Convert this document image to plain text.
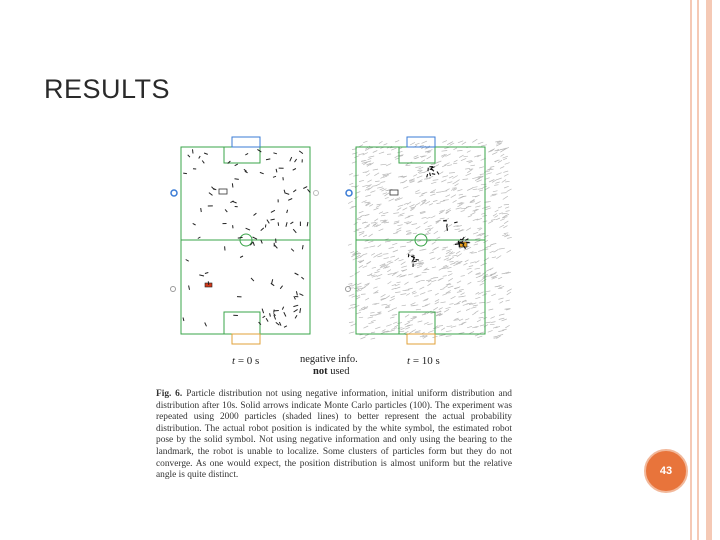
RESULTS
t = 0 s	negative info.
not used
t = 10 s
Fig. 6. Particle distribution not using negative information, initial uniform distribution and distribution after 10s. Solid arrows indicate Monte Carlo particles (100). The experiment was repeated using 2000 particles (shaded lines) to better represent the actual probability distribution. The actual robot position is indicated by the white symbol, the estimated robot pose by the solid symbol. Not using negative information and only using the bearing to the landmark, the robot is unable to localize. Some clusters of particles form but they do not converge. As one would expect, the position distribution is almost uniform but the relative angle is quite distinct.	43
